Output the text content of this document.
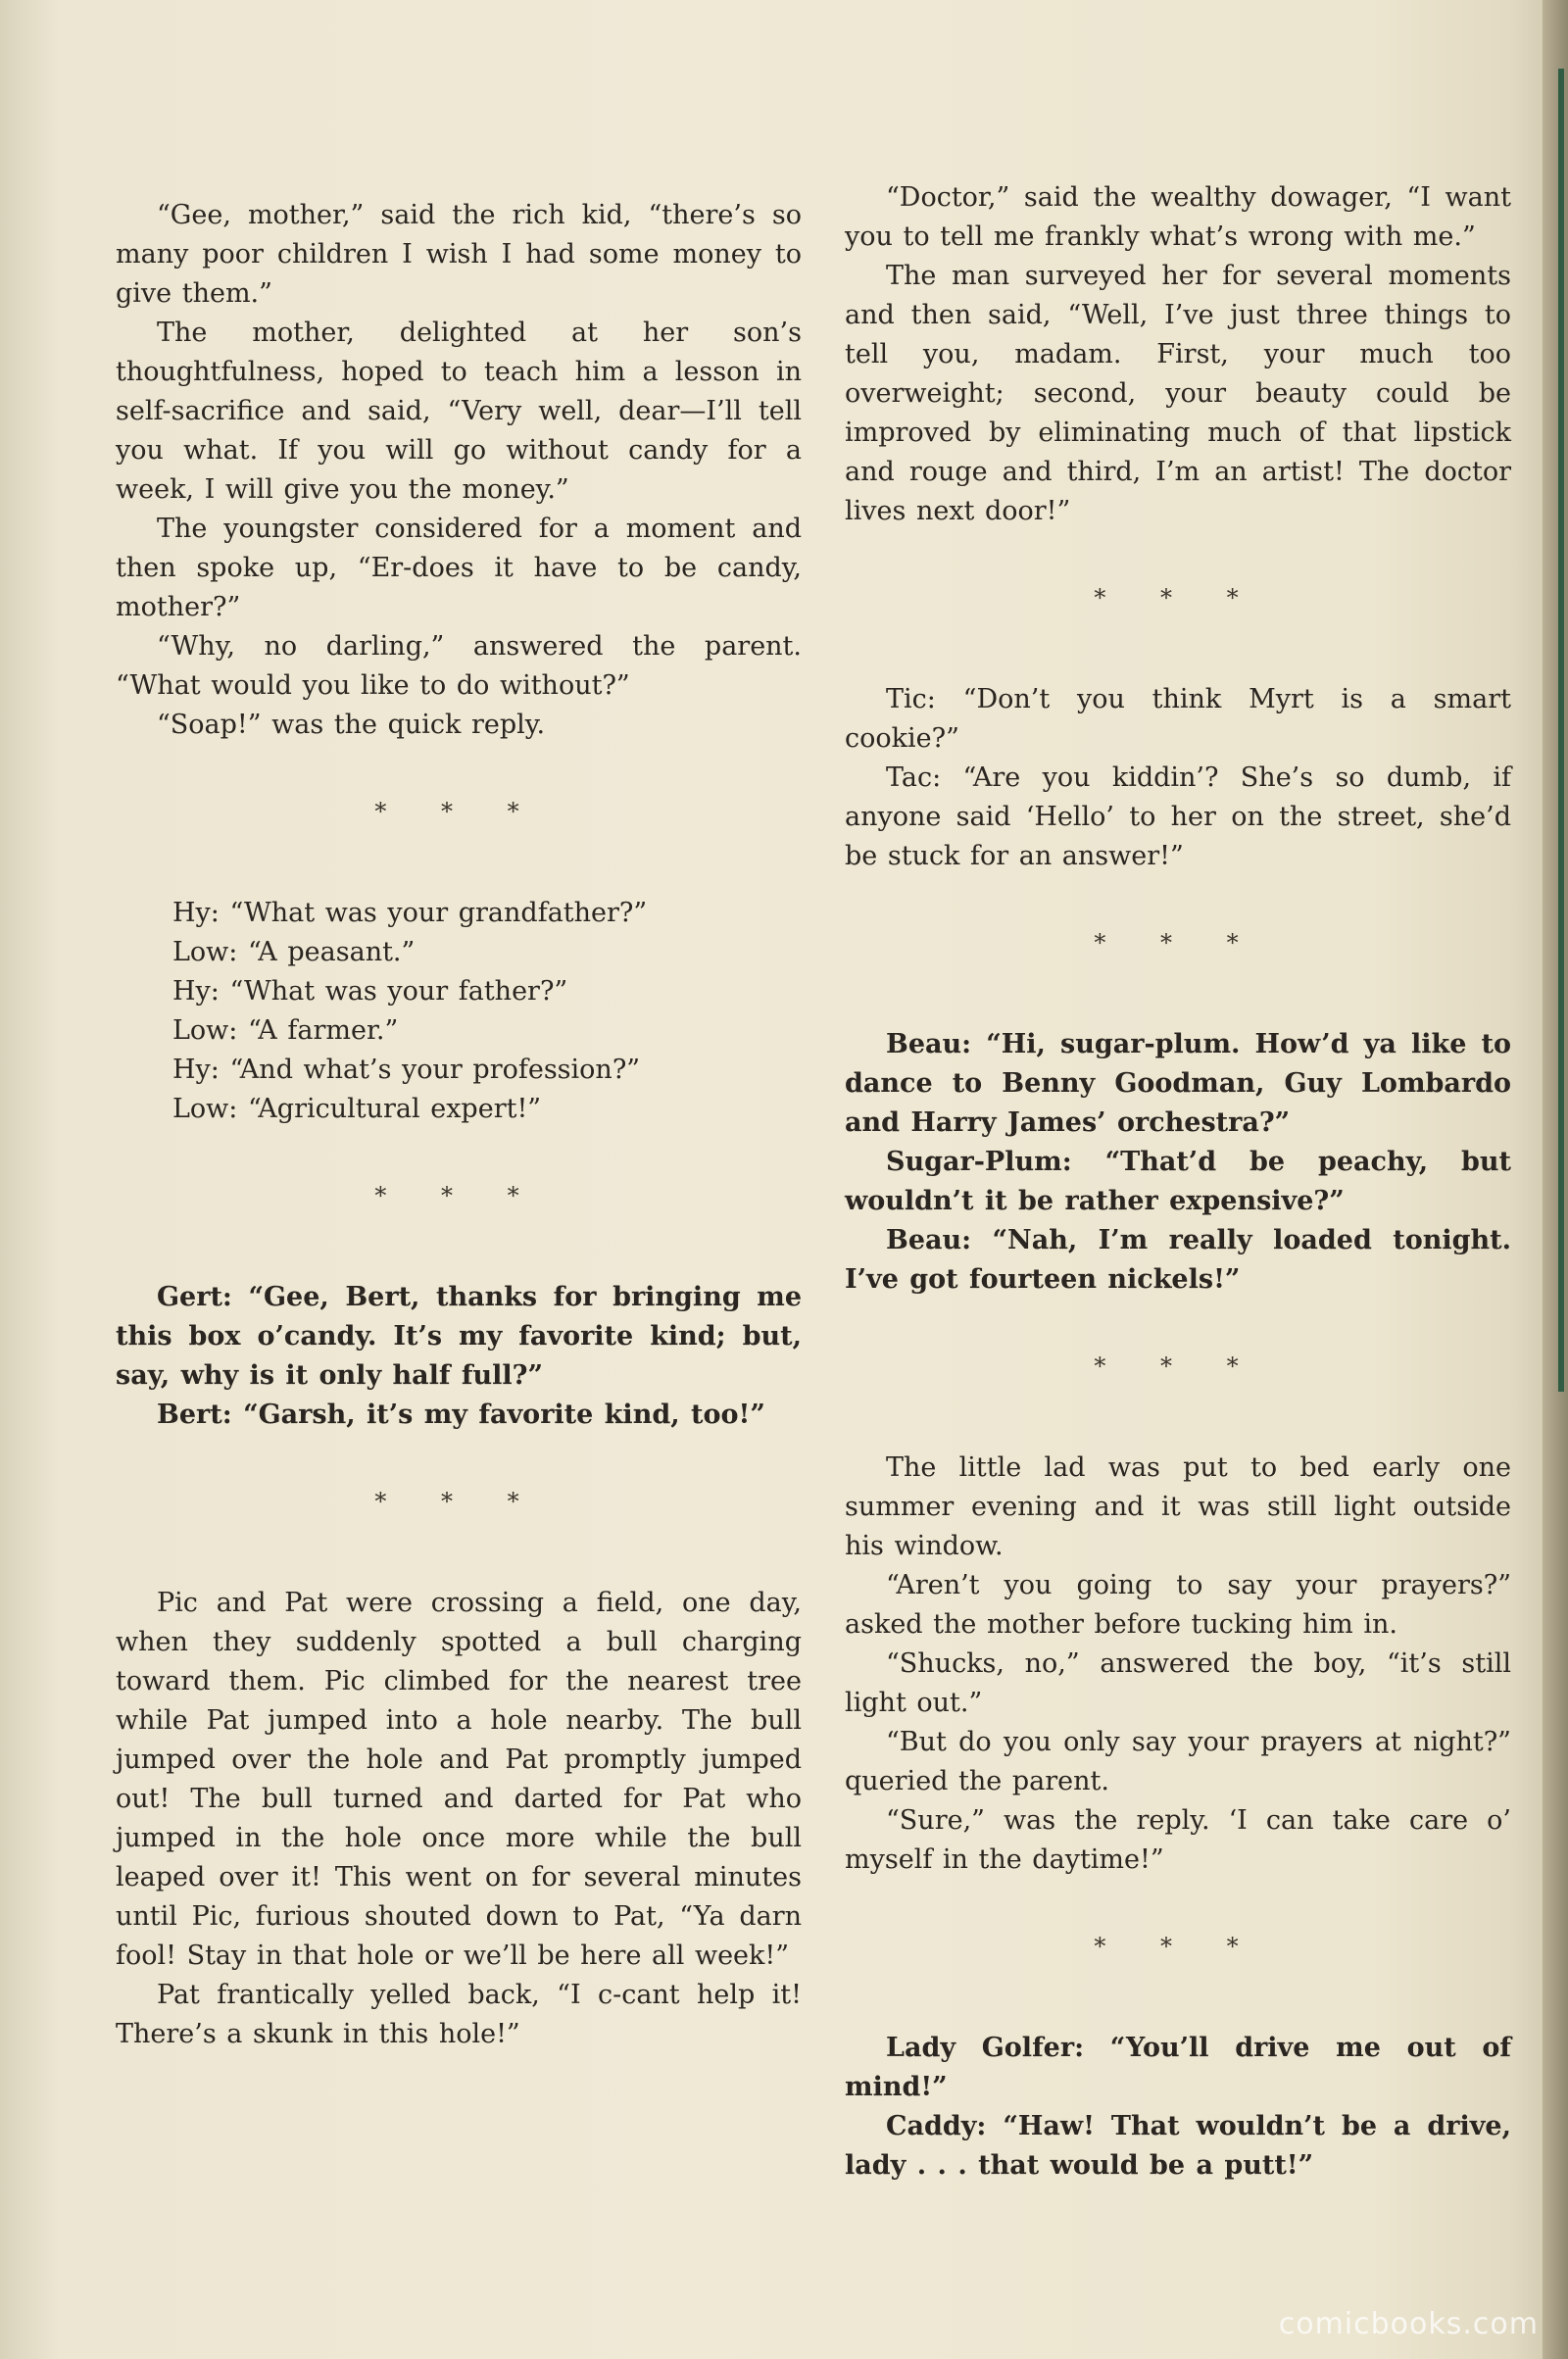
“Gee, mother,” said the rich kid, “there’s so many poor children I wish I had some money to give them.”

The mother, delighted at her son’s thoughtfulness, hoped to teach him a lesson in self-sacrifice and said, “Very well, dear—I’ll tell you what. If you will go without candy for a week, I will give you the money.”

The youngster considered for a moment and then spoke up, “Er-does it have to be candy, mother?”

“Why, no darling,” answered the parent. “What would you like to do without?”

“Soap!” was the quick reply.

* * *

Hy: “What was your grandfather?”

Low: “A peasant.”

Hy: “What was your father?”

Low: “A farmer.”

Hy: “And what’s your profession?”

Low: “Agricultural expert!”

* * *

Gert: “Gee, Bert, thanks for bringing me this box o’candy. It’s my favorite kind; but, say, why is it only half full?”

Bert: “Garsh, it’s my favorite kind, too!”

* * *

Pic and Pat were crossing a field, one day, when they suddenly spotted a bull charging toward them. Pic climbed for the nearest tree while Pat jumped into a hole nearby. The bull jumped over the hole and Pat promptly jumped out! The bull turned and darted for Pat who jumped in the hole once more while the bull leaped over it! This went on for several minutes until Pic, furious shouted down to Pat, “Ya darn fool! Stay in that hole or we’ll be here all week!”

Pat frantically yelled back, “I c-cant help it! There’s a skunk in this hole!”

“Doctor,” said the wealthy dowager, “I want you to tell me frankly what’s wrong with me.”

The man surveyed her for several moments and then said, “Well, I’ve just three things to tell you, madam. First, your much too overweight; second, your beauty could be improved by eliminating much of that lipstick and rouge and third, I’m an artist! The doctor lives next door!”

* * *

Tic: “Don’t you think Myrt is a smart cookie?”

Tac: “Are you kiddin’? She’s so dumb, if anyone said ‘Hello’ to her on the street, she’d be stuck for an answer!”

* * *

Beau: “Hi, sugar-plum. How’d ya like to dance to Benny Goodman, Guy Lombardo and Harry James’ orchestra?”

Sugar-Plum: “That’d be peachy, but wouldn’t it be rather expensive?”

Beau: “Nah, I’m really loaded tonight. I’ve got fourteen nickels!”

* * *

The little lad was put to bed early one summer evening and it was still light outside his window.

“Aren’t you going to say your prayers?” asked the mother before tucking him in.

“Shucks, no,” answered the boy, “it’s still light out.”

“But do you only say your prayers at night?” queried the parent.

“Sure,” was the reply. ‘I can take care o’ myself in the daytime!”

* * *

Lady Golfer: “You’ll drive me out of mind!”

Caddy: “Haw! That wouldn’t be a drive, lady . . . that would be a putt!”

comicbooks.com
